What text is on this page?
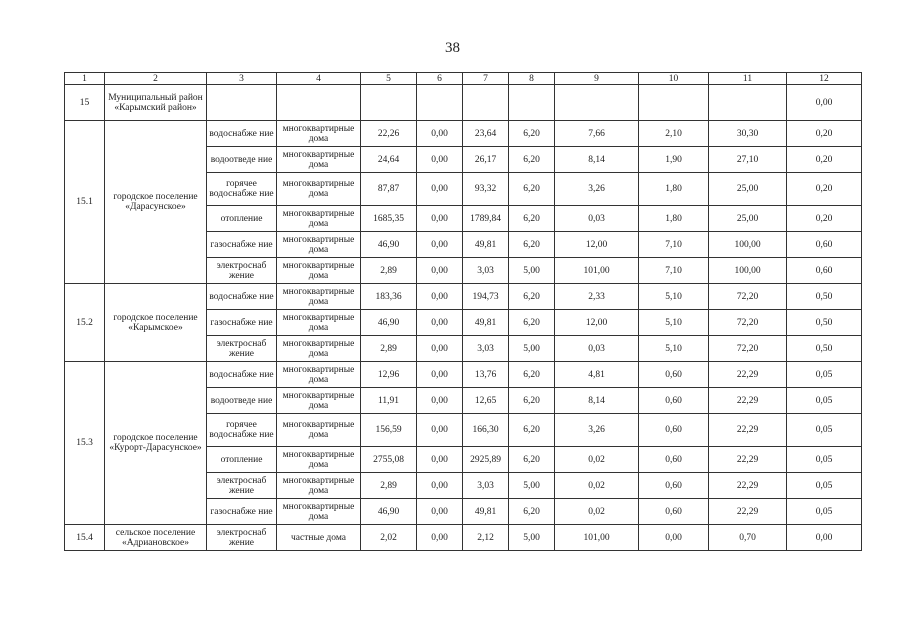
38
1	2	3	4	5	6	7	8	9	10	11	12
15	Муниципальный район «Карымский район»										0,00
15.1	городское поселение «Дарасунское»	водоснабже ние	многоквартирные дома	22,26	0,00	23,64	6,20	7,66	2,10	30,30	0,20
		водоотведе ние	многоквартирные дома	24,64	0,00	26,17	6,20	8,14	1,90	27,10	0,20
		горячее водоснабже ние	многоквартирные дома	87,87	0,00	93,32	6,20	3,26	1,80	25,00	0,20
		отопление	многоквартирные дома	1685,35	0,00	1789,84	6,20	0,03	1,80	25,00	0,20
		газоснабже ние	многоквартирные дома	46,90	0,00	49,81	6,20	12,00	7,10	100,00	0,60
		электроснаб жение	многоквартирные дома	2,89	0,00	3,03	5,00	101,00	7,10	100,00	0,60
15.2	городское поселение «Карымское»	водоснабже ние	многоквартирные дома	183,36	0,00	194,73	6,20	2,33	5,10	72,20	0,50
		газоснабже ние	многоквартирные дома	46,90	0,00	49,81	6,20	12,00	5,10	72,20	0,50
		электроснаб жение	многоквартирные дома	2,89	0,00	3,03	5,00	0,03	5,10	72,20	0,50
15.3	городское поселение «Курорт-Дарасунское»	водоснабже ние	многоквартирные дома	12,96	0,00	13,76	6,20	4,81	0,60	22,29	0,05
		водоотведе ние	многоквартирные дома	11,91	0,00	12,65	6,20	8,14	0,60	22,29	0,05
		горячее водоснабже ние	многоквартирные дома	156,59	0,00	166,30	6,20	3,26	0,60	22,29	0,05
		отопление	многоквартирные дома	2755,08	0,00	2925,89	6,20	0,02	0,60	22,29	0,05
		электроснаб жение	многоквартирные дома	2,89	0,00	3,03	5,00	0,02	0,60	22,29	0,05
		газоснабже ние	многоквартирные дома	46,90	0,00	49,81	6,20	0,02	0,60	22,29	0,05
15.4	сельское поселение «Адриановское»	электроснаб жение	частные дома	2,02	0,00	2,12	5,00	101,00	0,00	0,70	0,00
